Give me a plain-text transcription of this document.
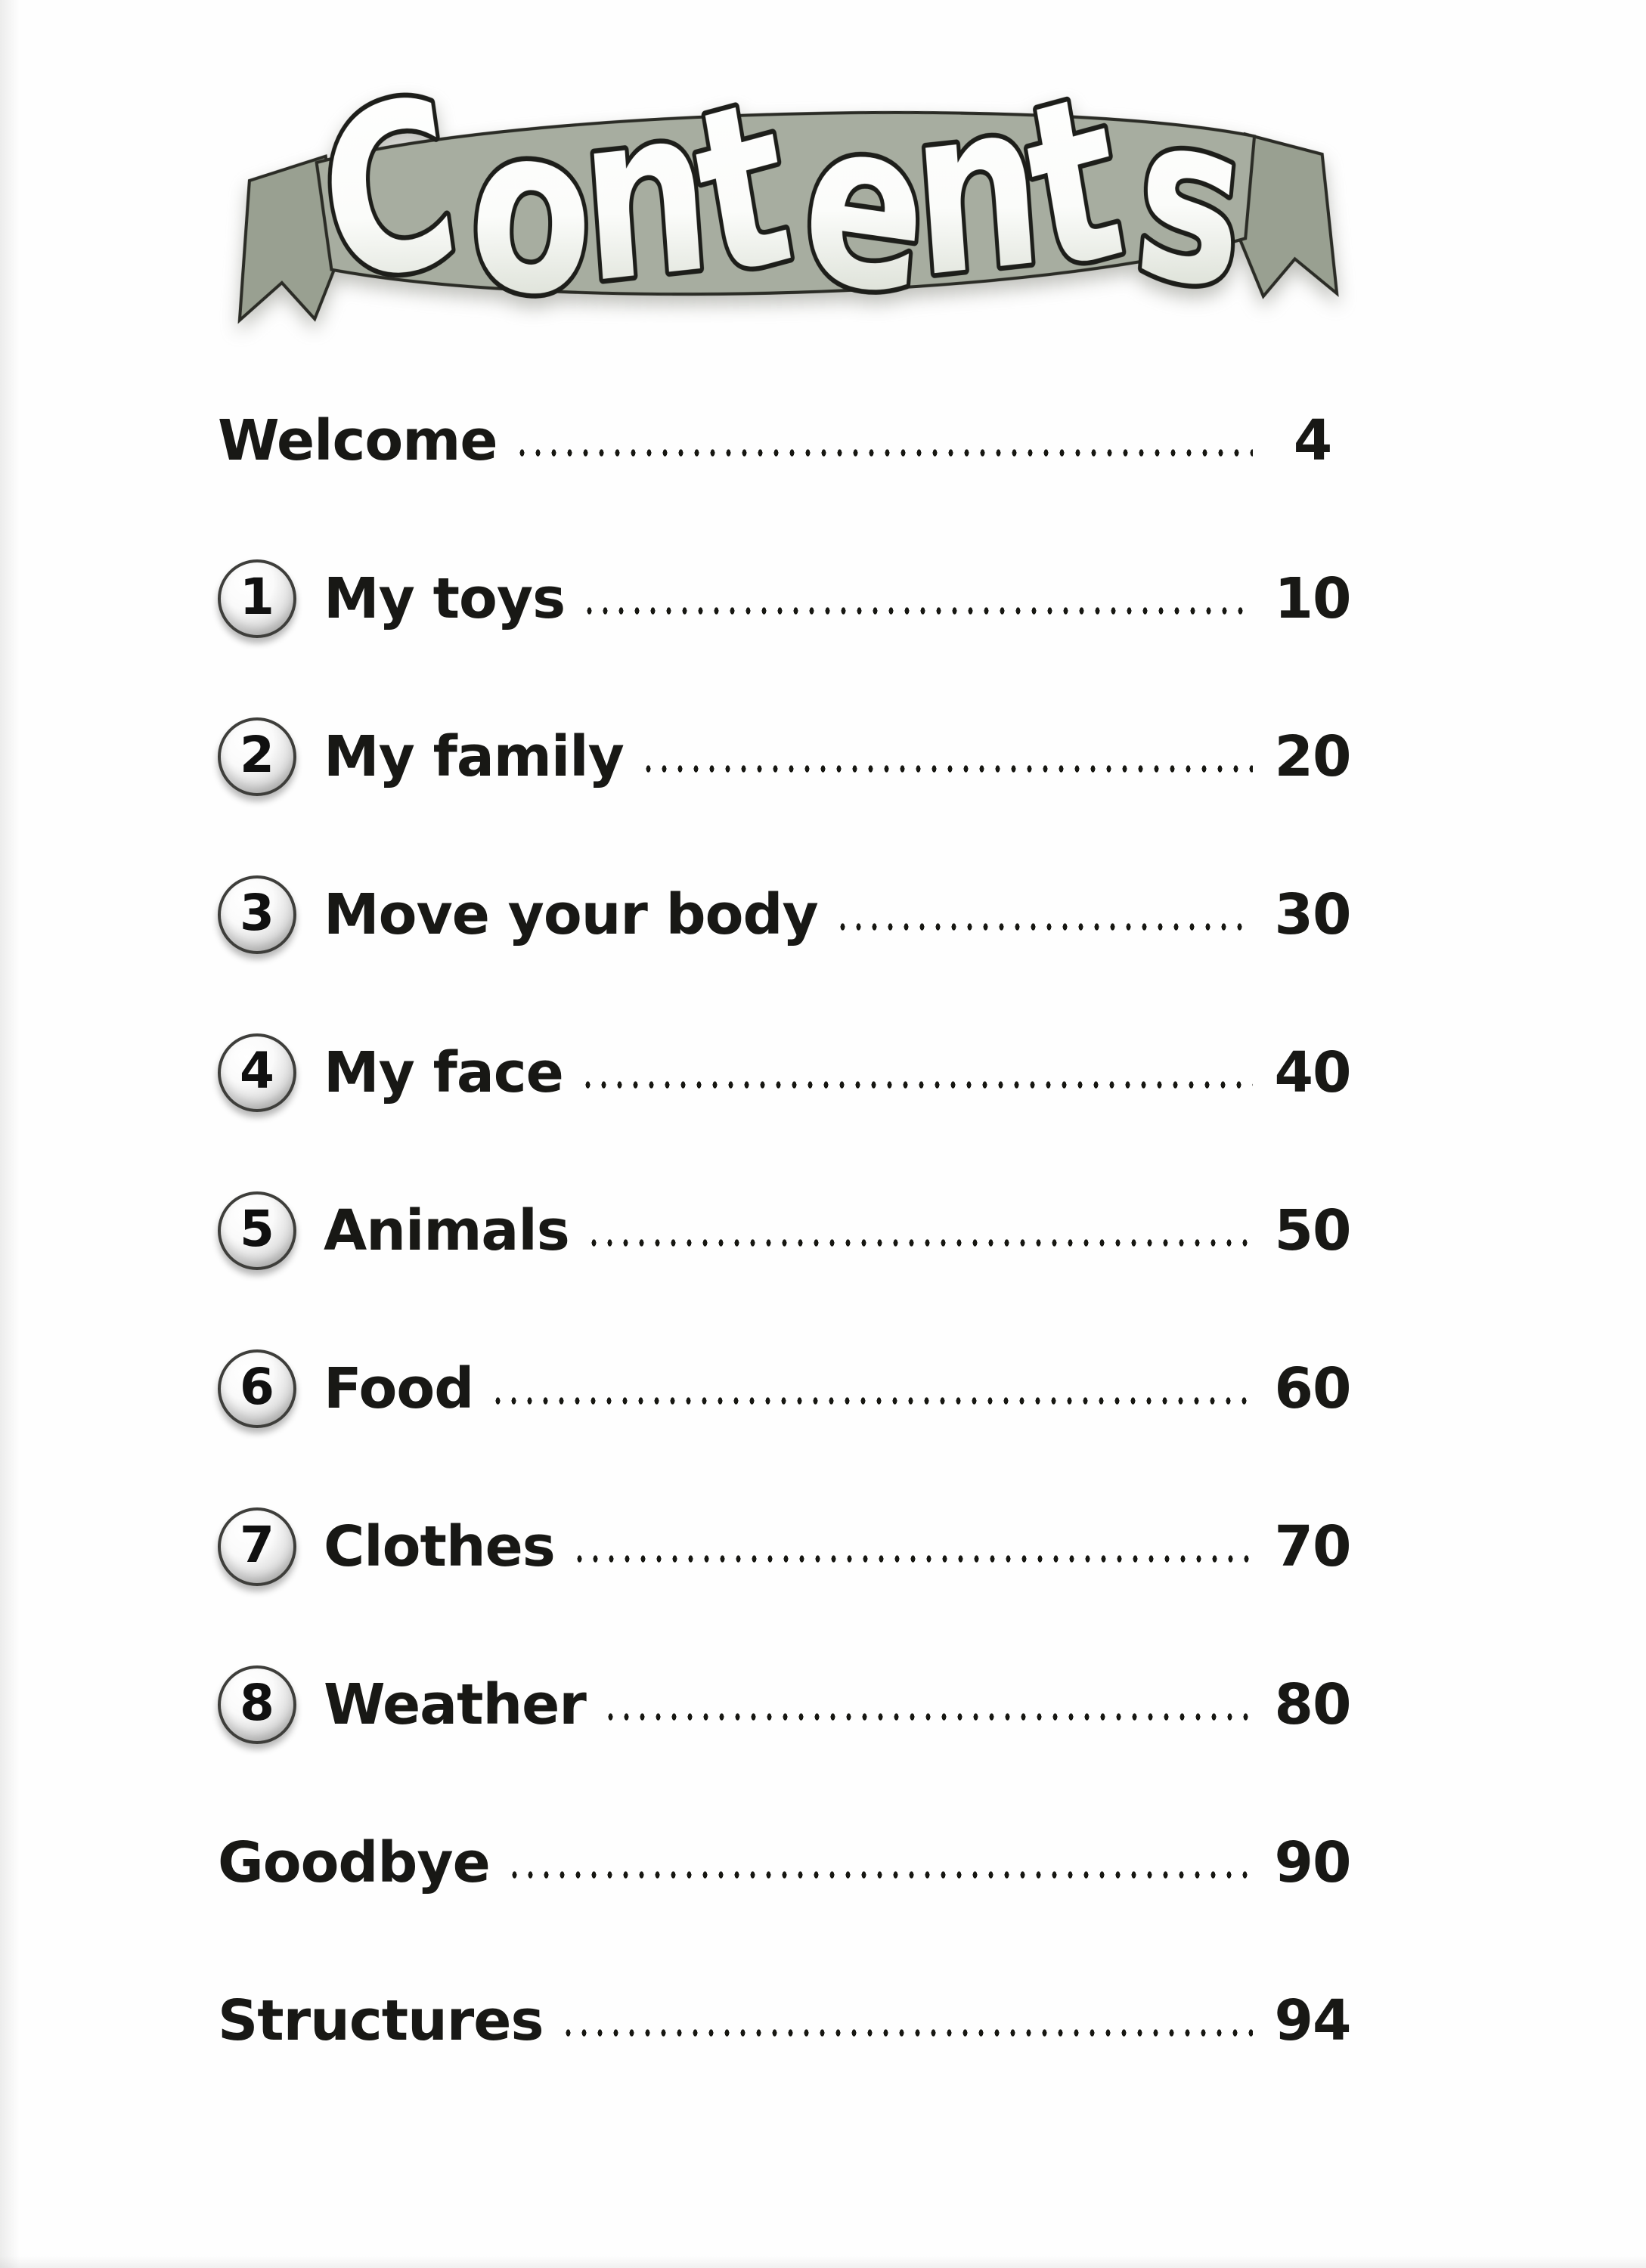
Contents
Welcome	4
1 My toys	10
2 My family	20
3 Move your body	30
4 My face	40
5 Animals	50
6 Food	60
7 Clothes	70
8 Weather	80
Goodbye	90
Structures	94
